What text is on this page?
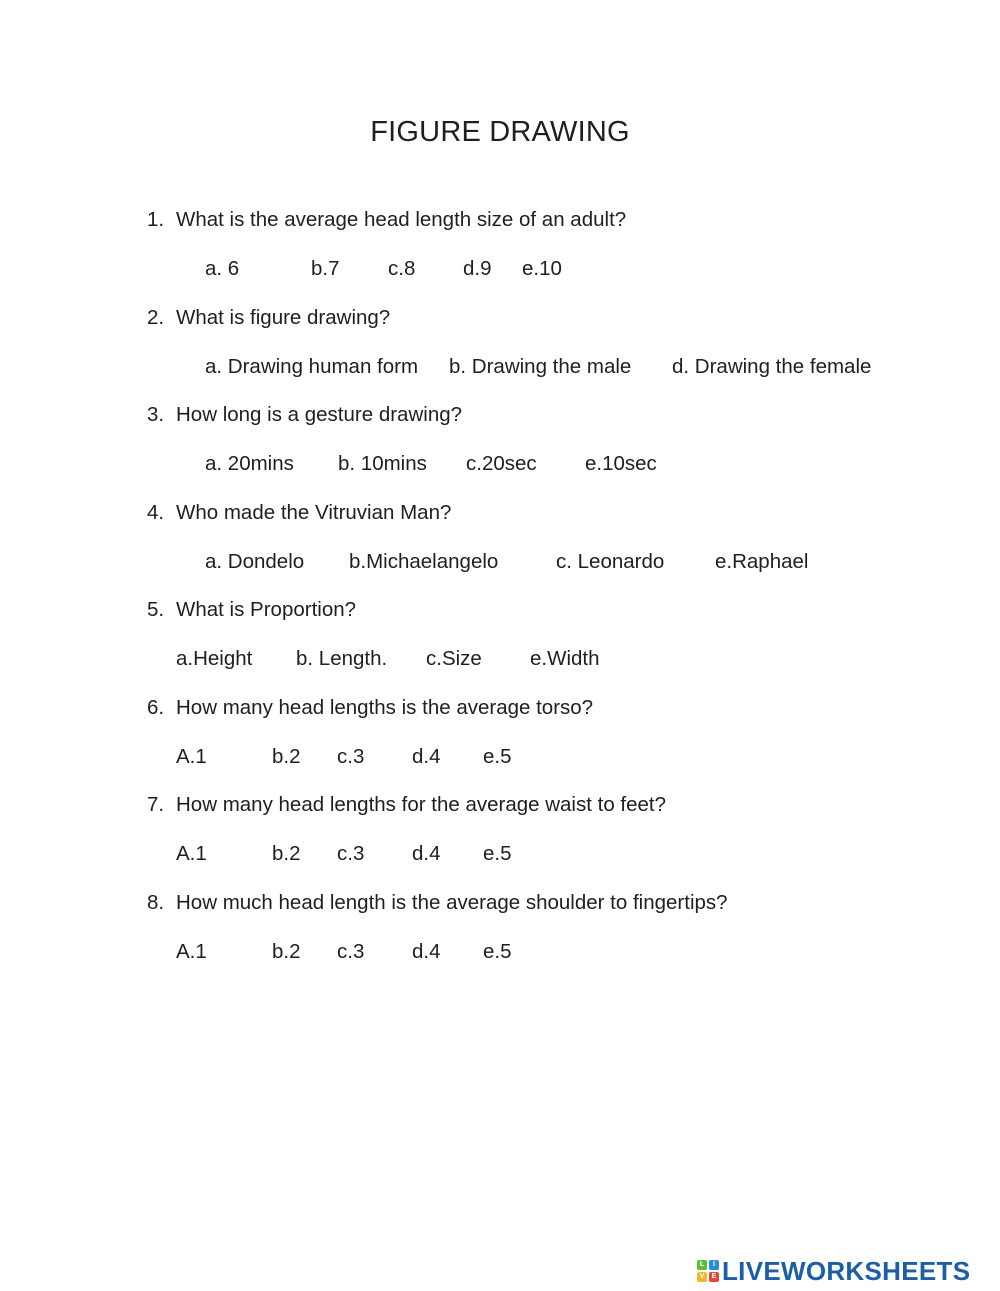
FIGURE DRAWING
1. What is the average head length size of an adult?
a. 6	b.7 c.8 d.9 e.10
2. What is figure drawing?
a. Drawing human form b. Drawing the male d. Drawing the female
3. How long is a gesture drawing?
a. 20mins b. 10mins c.20sec e.10sec
4. Who made the Vitruvian Man?
a. Dondelo b.Michaelangelo	c. Leonardo e.Raphael
5. What is Proportion?
a.Height b. Length. c.Size e.Width
6. How many head lengths is the average torso?
A.1	b.2 c.3 d.4 e.5
7. How many head lengths for the average waist to feet?
A.1	b.2 c.3 d.4 e.5
8. How much head length is the average shoulder to fingertips?
A.1	b.2 c.3 d.4 e.5
L	I
V	E LIVEWORKSHEETS
